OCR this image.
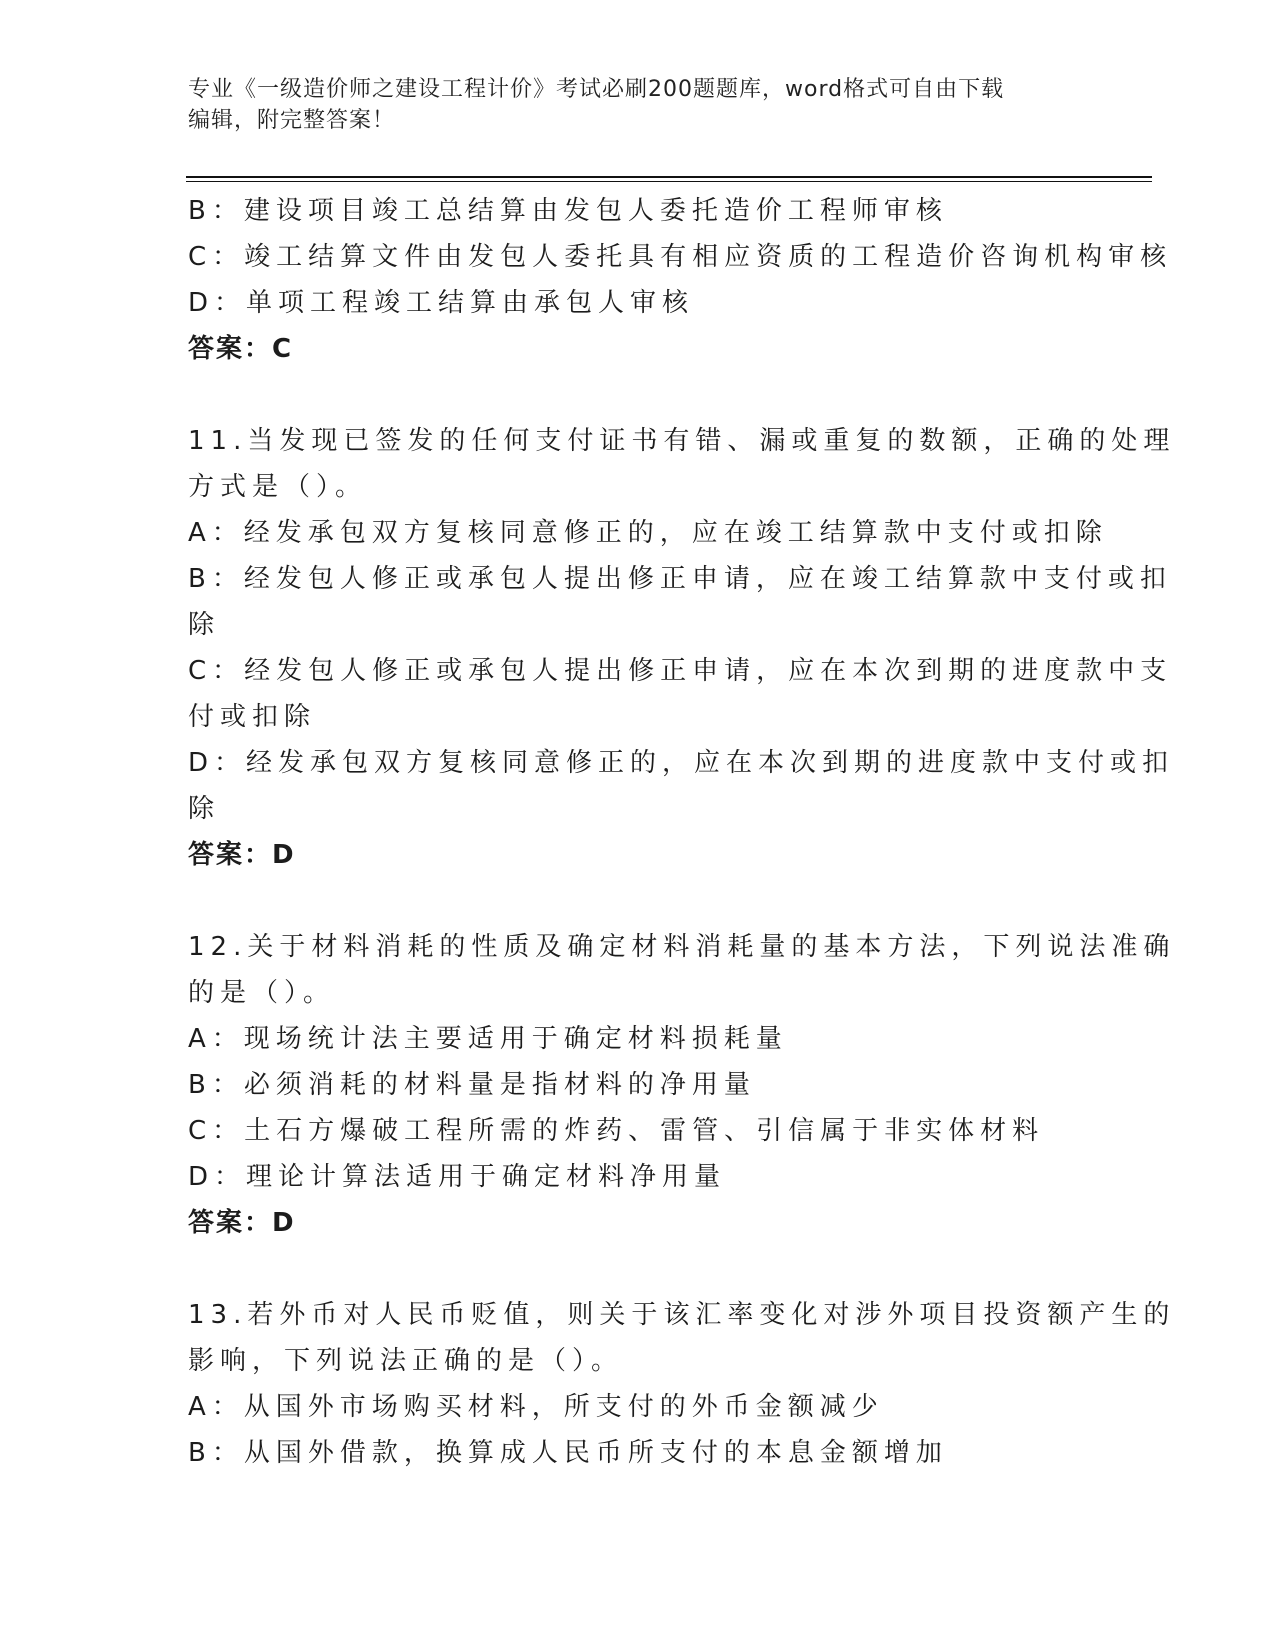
专业《一级造价师之建设工程计价》考试必刷200题题库，word格式可自由下载
编辑，附完整答案！
B：建设项目竣工总结算由发包人委托造价工程师审核
C：竣工结算文件由发包人委托具有相应资质的工程造价咨询机构审核
D：单项工程竣工结算由承包人审核
答案：C
11.当发现已签发的任何支付证书有错、漏或重复的数额，正确的处理
方式是（）。
A：经发承包双方复核同意修正的，应在竣工结算款中支付或扣除
B：经发包人修正或承包人提出修正申请，应在竣工结算款中支付或扣
除
C：经发包人修正或承包人提出修正申请，应在本次到期的进度款中支
付或扣除
D：经发承包双方复核同意修正的，应在本次到期的进度款中支付或扣
除
答案：D
12.关于材料消耗的性质及确定材料消耗量的基本方法，下列说法准确
的是（）。
A：现场统计法主要适用于确定材料损耗量
B：必须消耗的材料量是指材料的净用量
C：土石方爆破工程所需的炸药、雷管、引信属于非实体材料
D：理论计算法适用于确定材料净用量
答案：D
13.若外币对人民币贬值，则关于该汇率变化对涉外项目投资额产生的
影响，下列说法正确的是（）。
A：从国外市场购买材料，所支付的外币金额减少
B：从国外借款，换算成人民币所支付的本息金额增加
